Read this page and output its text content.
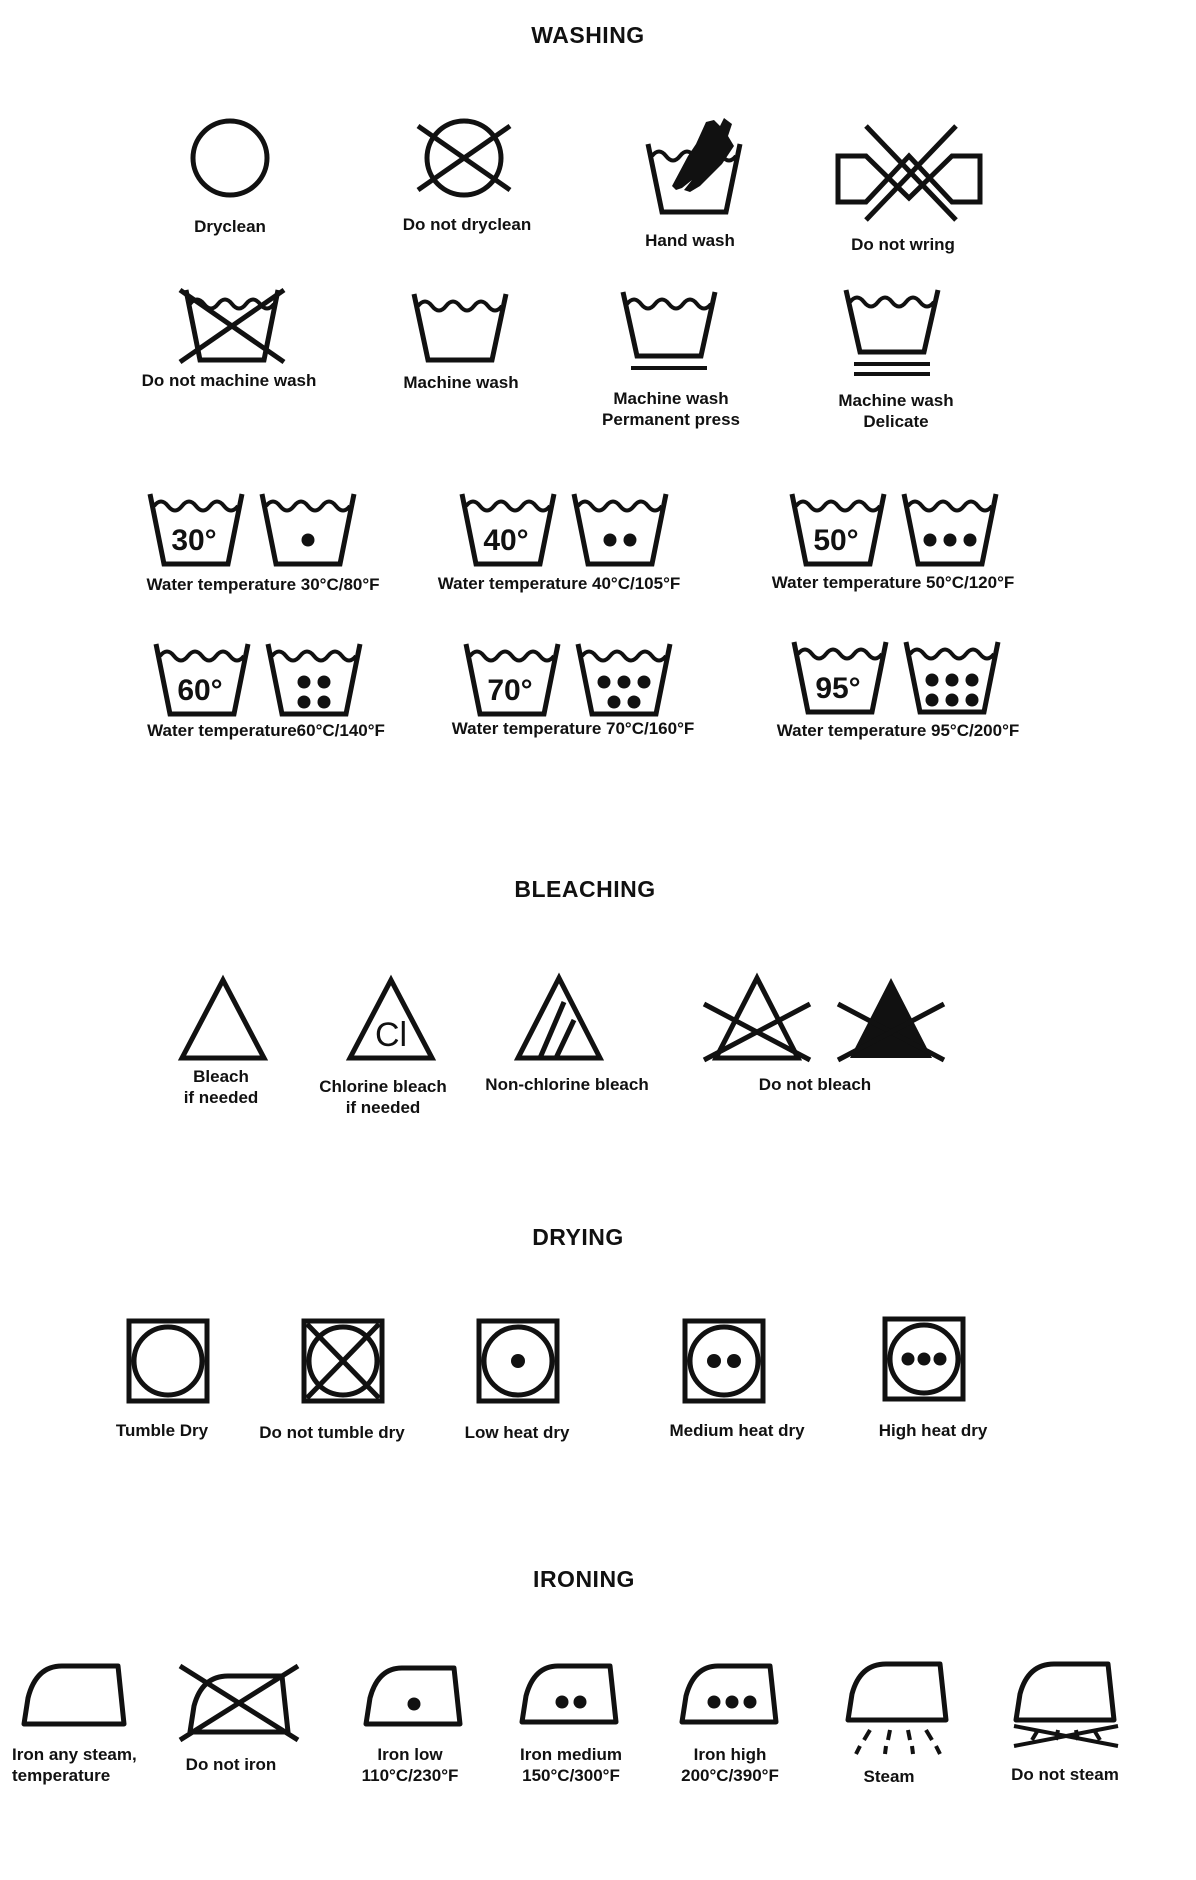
WASHING
BLEACHING
DRYING
IRONING
Dryclean	Do not dryclean
Hand wash	Do not wring
Do not machine wash	Machine wash
Machine wash
Permanent press
Machine wash
Delicate
30°
Water temperature 30°C/80°F
40°
Water temperature 40°C/105°F
50°
Water temperature 50°C/120°F
60°
Water temperature60°C/140°F
70°
Water temperature 70°C/160°F
95°
Water temperature 95°C/200°F
Bleach
if needed
Cl
Chlorine bleach
if needed
Non-chlorine bleach	Do not bleach
Tumble Dry	Do not tumble dry	Low heat dry	Medium heat dry	High heat dry
Iron any steam,
temperature
Do not iron
Iron low
110°C/230°F
Iron medium
150°C/300°F
Iron high
200°C/390°F	Steam	Do not steam
